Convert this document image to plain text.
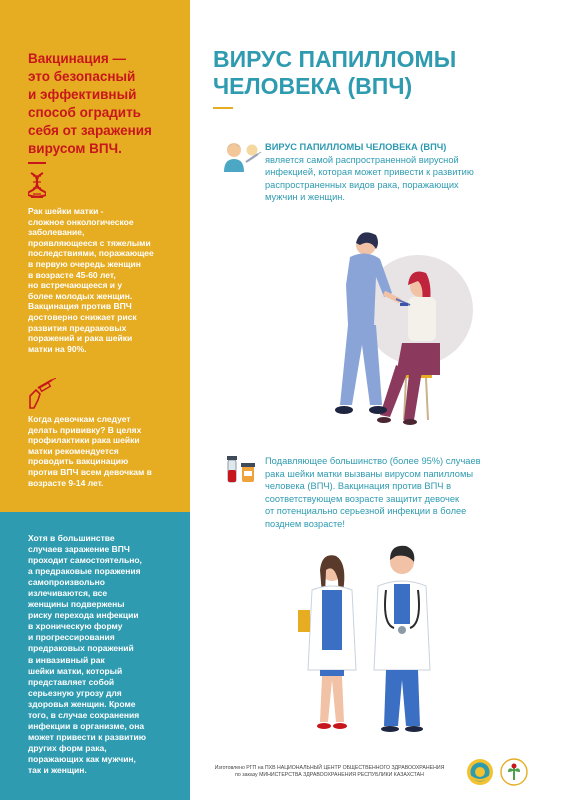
Вакцинация —
это безопасный
и эффективный
способ оградить
себя от заражения
вирусом ВПЧ.
Рак шейки матки -
сложное онкологическое
заболевание,
проявляющееся с тяжелыми
последствиями, поражающее
в первую очередь женщин
в возрасте 45-60 лет,
но встречающееся и у
более молодых женщин.
Вакцинация против ВПЧ
достоверно снижает риск
развития предраковых
поражений и рака шейки
матки на 90%.
Когда девочкам следует
делать прививку? В целях
профилактики рака шейки
матки рекомендуется
проводить вакцинацию
против ВПЧ всем девочкам в
возрасте 9-14 лет.
Хотя в большинстве
случаев заражение ВПЧ
проходит самостоятельно,
а предраковые поражения
самопроизвольно
излечиваются, все
женщины подвержены
риску перехода инфекции
в хроническую форму
и прогрессирования
предраковых поражений
в инвазивный рак
шейки матки, который
представляет собой
серьезную угрозу для
здоровья женщин. Кроме
того, в случае сохранения
инфекции в организме, она
может привести к развитию
других форм рака,
поражающих как мужчин,
так и женщин.
ВИРУС ПАПИЛЛОМЫ
ЧЕЛОВЕКА (ВПЧ)
ВИРУС ПАПИЛЛОМЫ ЧЕЛОВЕКА (ВПЧ)
является самой распространенной вирусной
инфекцией, которая может привести к развитию
распространенных видов рака, поражающих
мужчин и женщин.
Подавляющее большинство (более 95%) случаев
рака шейки матки вызваны вирусом папилломы
человека (ВПЧ). Вакцинация против ВПЧ в
соответствующем возрасте защитит девочек
от потенциально серьезной инфекции в более
позднем возрасте!
Изготовлено РГП на ПХВ НАЦИОНАЛЬНЫЙ ЦЕНТР ОБЩЕСТВЕННОГО ЗДРАВООХРАНЕНИЯ
по заказу МИНИСТЕРСТВА ЗДРАВООХРАНЕНИЯ РЕСПУБЛИКИ КАЗАХСТАН
